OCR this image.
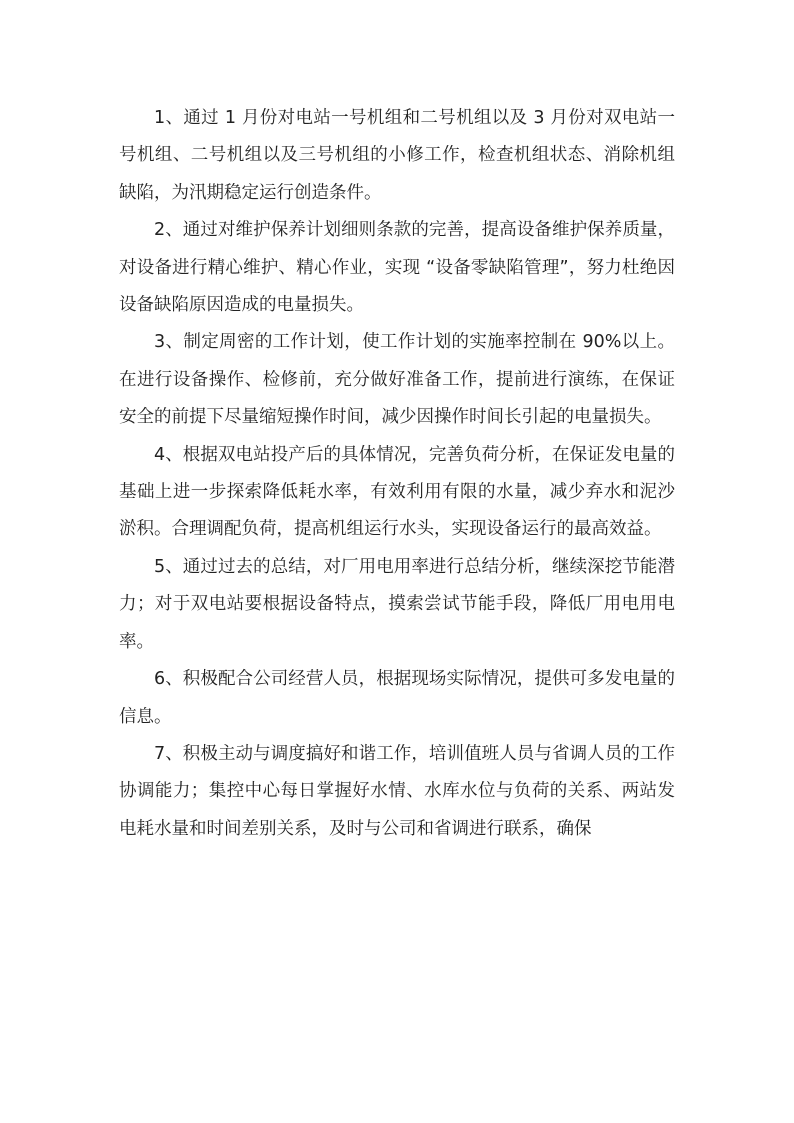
1、通过 1 月份对电站一号机组和二号机组以及 3 月份对双电站一号机组、二号机组以及三号机组的小修工作，检查机组状态、消除机组缺陷，为汛期稳定运行创造条件。

2、通过对维护保养计划细则条款的完善，提高设备维护保养质量，对设备进行精心维护、精心作业，实现 “设备零缺陷管理”，努力杜绝因设备缺陷原因造成的电量损失。

3、制定周密的工作计划，使工作计划的实施率控制在 90%以上。在进行设备操作、检修前，充分做好准备工作，提前进行演练，在保证安全的前提下尽量缩短操作时间，减少因操作时间长引起的电量损失。

4、根据双电站投产后的具体情况，完善负荷分析，在保证发电量的基础上进一步探索降低耗水率，有效利用有限的水量，减少弃水和泥沙淤积。合理调配负荷，提高机组运行水头，实现设备运行的最高效益。

5、通过过去的总结，对厂用电用率进行总结分析，继续深挖节能潜力；对于双电站要根据设备特点，摸索尝试节能手段，降低厂用电用电率。

6、积极配合公司经营人员，根据现场实际情况，提供可多发电量的信息。

7、积极主动与调度搞好和谐工作，培训值班人员与省调人员的工作协调能力；集控中心每日掌握好水情、水库水位与负荷的关系、两站发电耗水量和时间差别关系，及时与公司和省调进行联系，确保
